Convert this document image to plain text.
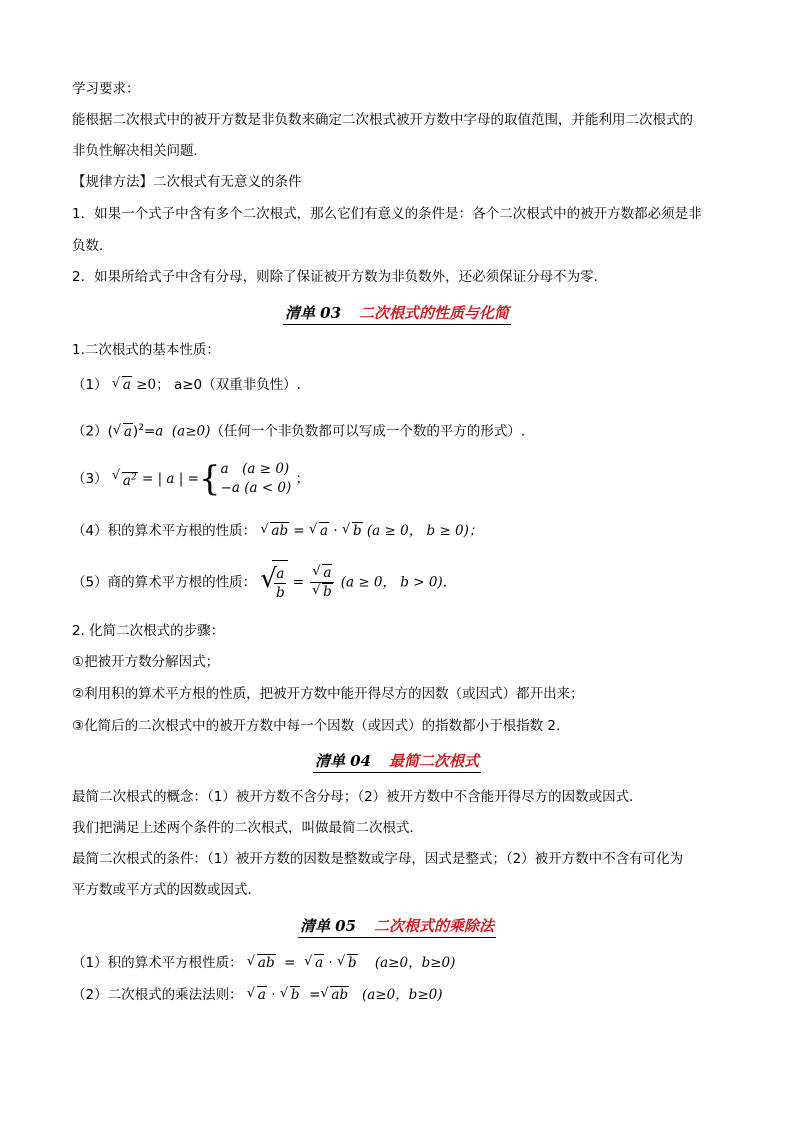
学习要求：
能根据二次根式中的被开方数是非负数来确定二次根式被开方数中字母的取值范围，并能利用二次根式的
非负性解决相关问题．
【规律方法】二次根式有无意义的条件
1．如果一个式子中含有多个二次根式，那么它们有意义的条件是：各个二次根式中的被开方数都必须是非
负数．
2．如果所给式子中含有分母，则除了保证被开方数为非负数外，还必须保证分母不为零．
清单 03 二次根式的性质与化简
1.二次根式的基本性质：
（1） √ a ≥0； a≥0（双重非负性）.
（2）( √ a)$^2$=a (a≥0)（任何一个非负数都可以写成一个数的平方的形式）.
（3） √ $a^2$ = | a | ={ a　(a ≥ 0)
−a (a < 0)
；
（4）积的算术平方根的性质： √ ab = √ a · √ b (a ≥ 0， b ≥ 0)；
（5）商的算术平方根的性质： √
$\frac{a}{b} = \frac{√ a}{√ b} (a \ge 0$， b > 0).
2. 化简二次根式的步骤：
①把被开方数分解因式；
②利用积的算术平方根的性质，把被开方数中能开得尽方的因数（或因式）都开出来；
③化简后的二次根式中的被开方数中每一个因数（或因式）的指数都小于根指数 2.
清单 04 最简二次根式
最简二次根式的概念：（1）被开方数不含分母；（2）被开方数中不含能开得尽方的因数或因式．
我们把满足上述两个条件的二次根式，叫做最简二次根式．
最简二次根式的条件：（1）被开方数的因数是整数或字母，因式是整式；（2）被开方数中不含有可化为
平方数或平方式的因数或因式．
清单 05 二次根式的乘除法
（1）积的算术平方根性质： √ ab  = √ a · √ b (a≥0，b≥0)
（2）二次根式的乘法法则： √ a · √ b  = √ ab (a≥0，b≥0)
